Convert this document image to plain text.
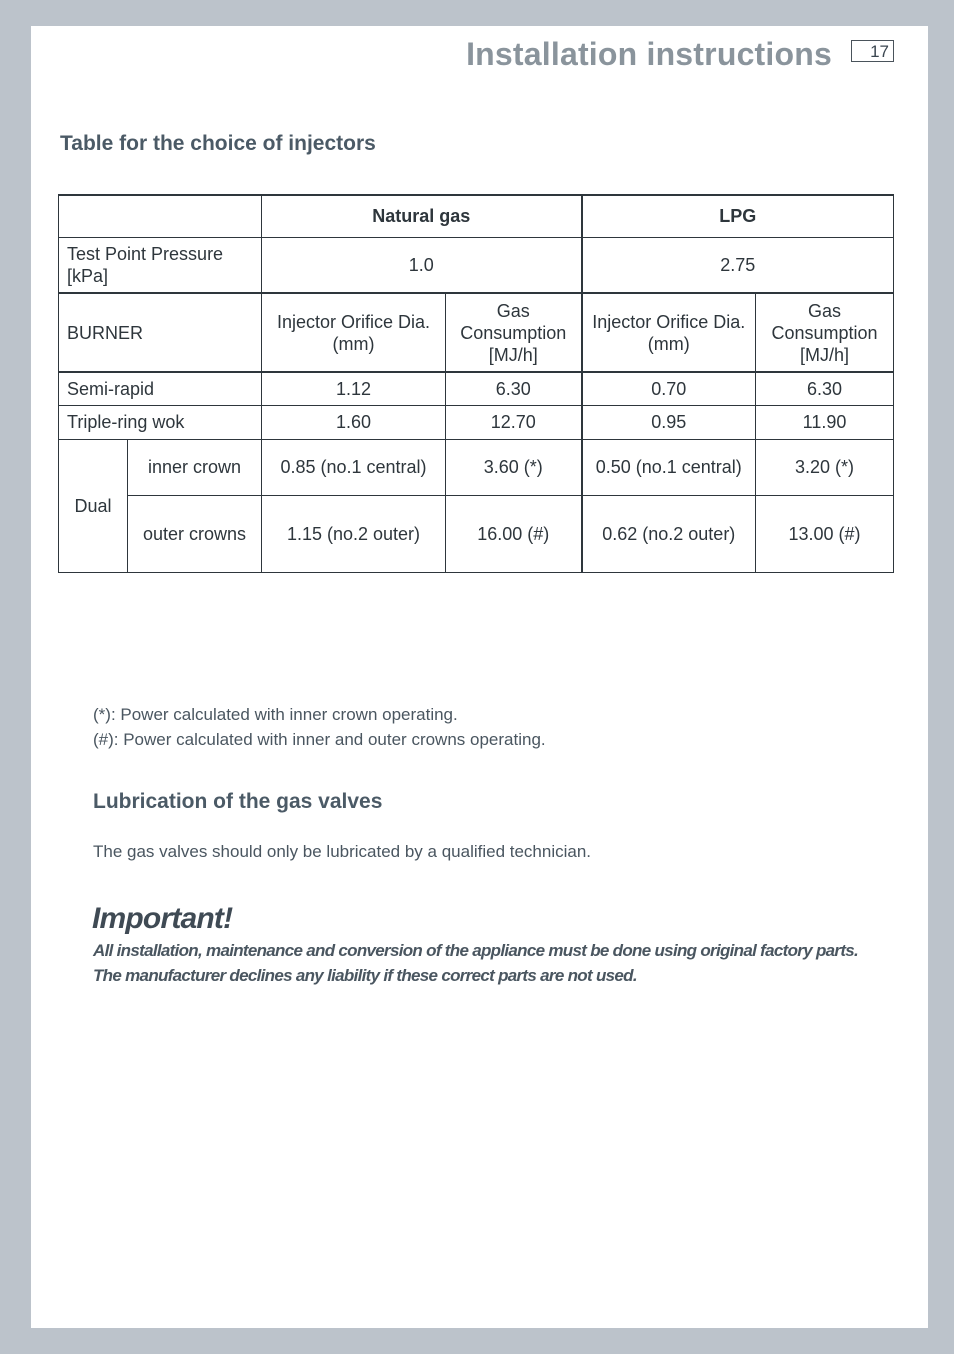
Installation instructions	17
Table for the choice of injectors
		Natural gas		LPG	
Test Point Pressure [kPa]		1.0		2.75	
BURNER		Injector Orifice Dia. (mm)	Gas Consumption [MJ/h]	Injector Orifice Dia. (mm)	Gas Consumption [MJ/h]
Semi-rapid		1.12	6.30	0.70	6.30
Triple-ring wok		1.60	12.70	0.95	11.90
Dual	inner crown	0.85 (no.1 central)	3.60 (*)	0.50 (no.1 central)	3.20 (*)
	outer crowns	1.15 (no.2 outer)	16.00 (#)	0.62 (no.2 outer)	13.00 (#)
(*): Power calculated with inner crown operating.
(#): Power calculated with inner and outer crowns operating.
Lubrication of the gas valves
The gas valves should only be lubricated by a qualified technician.
Important!
All installation, maintenance and conversion of the appliance must be done using original factory parts.
The manufacturer declines any liability if these correct parts are not used.
